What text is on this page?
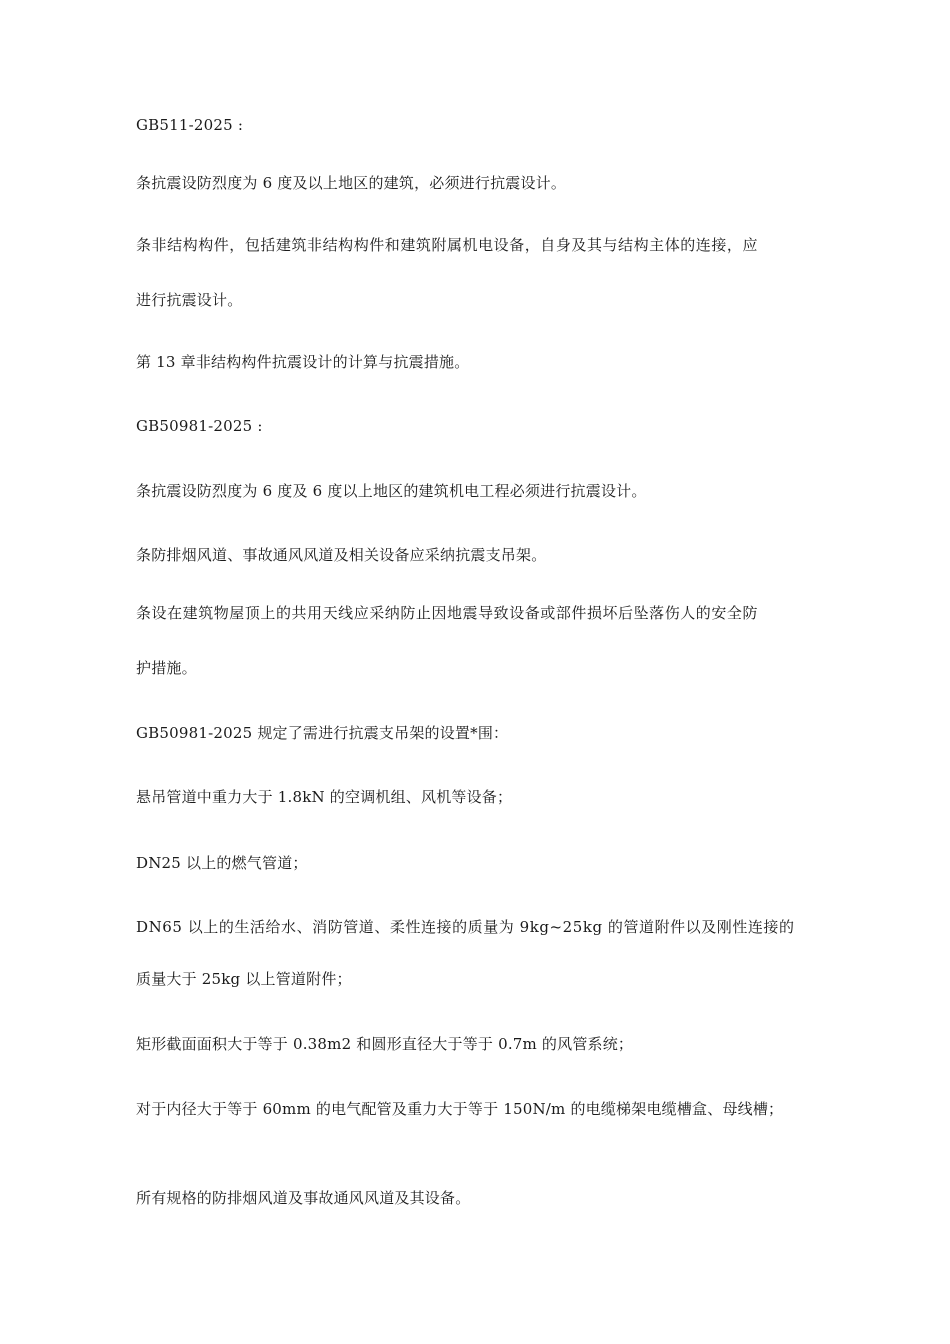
GB511-2025 :
条抗震设防烈度为 6 度及以上地区的建筑，必须进行抗震设计。
条非结构构件，包括建筑非结构构件和建筑附属机电设备，自身及其与结构主体的连接，应
进行抗震设计。
第 13 章非结构构件抗震设计的计算与抗震措施。
GB50981-2025 :
条抗震设防烈度为 6 度及 6 度以上地区的建筑机电工程必须进行抗震设计。
条防排烟风道、事故通风风道及相关设备应采纳抗震支吊架。
条设在建筑物屋顶上的共用天线应采纳防止因地震导致设备或部件损坏后坠落伤人的安全防
护措施。
GB50981-2025 规定了需进行抗震支吊架的设置*围：
悬吊管道中重力大于 1.8kN 的空调机组、风机等设备；
DN25 以上的燃气管道；
DN65 以上的生活给水、消防管道、柔性连接的质量为 9kg~25kg 的管道附件以及刚性连接的
质量大于 25kg 以上管道附件；
矩形截面面积大于等于 0.38m2 和圆形直径大于等于 0.7m 的风管系统；
对于内径大于等于 60mm 的电气配管及重力大于等于 150N/m 的电缆梯架电缆槽盒、母线槽；
所有规格的防排烟风道及事故通风风道及其设备。
